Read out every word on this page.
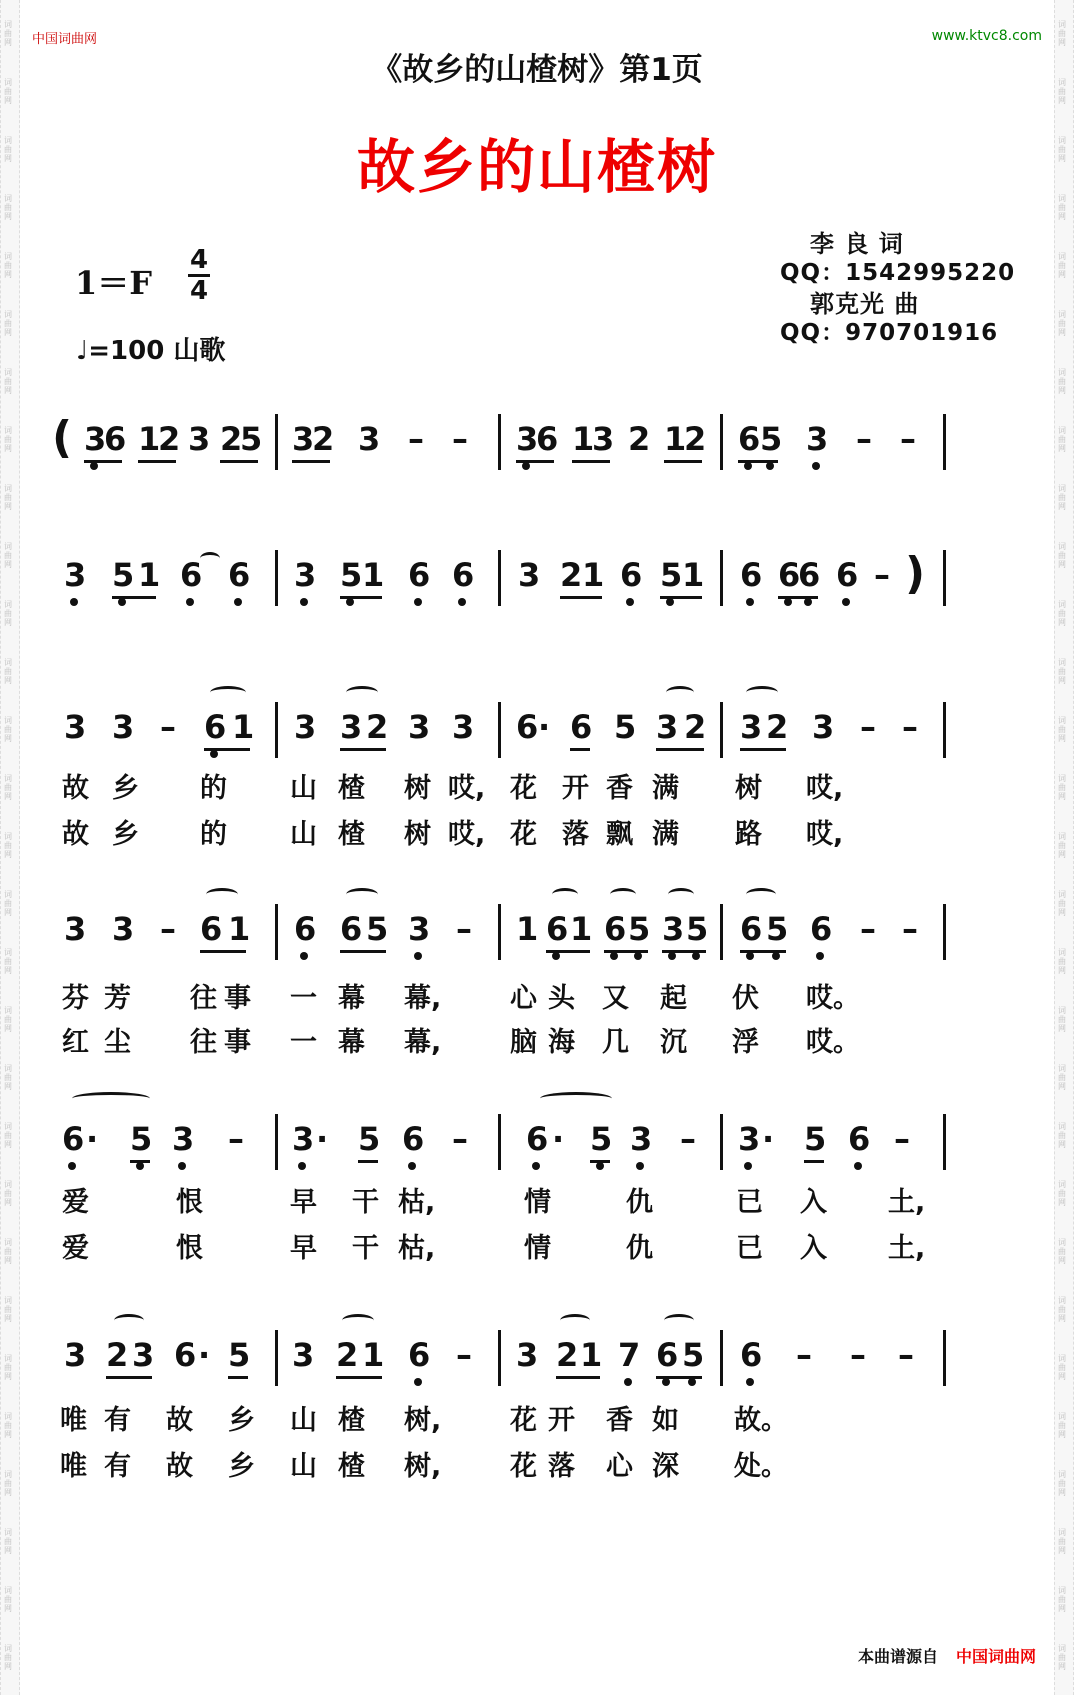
词曲网
词曲网
词曲网
词曲网
词曲网
词曲网
词曲网
词曲网
词曲网
词曲网
词曲网
词曲网
词曲网
词曲网
词曲网
词曲网
词曲网
词曲网
词曲网
词曲网
词曲网
词曲网
词曲网
词曲网
词曲网
词曲网
词曲网
词曲网
词曲网
词曲网
词曲网
词曲网
词曲网
词曲网
词曲网
词曲网
词曲网
词曲网
词曲网
词曲网
词曲网
词曲网
词曲网
词曲网
词曲网
词曲网
词曲网
词曲网
词曲网
词曲网
词曲网
词曲网
词曲网
词曲网
词曲网
词曲网
词曲网
词曲网
中国词曲网	www.ktvc8.com
《故乡的山楂树》第1页
故乡的山楂树
1＝F
4
4
♩=100 山歌
李 良 词
QQ：1542995220
郭克光 曲
QQ：970701916
( 3
6 1
2 3 2
5 3
2 3 – – 3
6 1
3 2 1
2 6 5 3 – –
3 5 1 6 6 3 5 1 6 6 3 2 1 6 5 1 6 6
6 6 – )
3 3 – 6 1 3 3 2 3 3 6 · 6 5 3 2 3 2 3 – –
故 乡 的 山 楂 树 哎, 花 开 香 满 树 哎,
故 乡 的 山 楂 树 哎, 花 落 飘 满 路 哎,
3 3 – 6 1 6 6 5 3 – 1 6 1 6 5 3 5 6 5 6 – –
芬 芳 往 事 一 幕 幕,	心 头 又 起 伏 哎。
红 尘 往 事 一 幕 幕,	脑 海 几 沉 浮 哎。
6 · 5 3 – 3 · 5 6 – 6 · 5 3 – 3 · 5 6 –
爱	恨	早 干 枯,	情	仇	已 入 土,
爱	恨	早 干 枯,	情	仇	已 入 土,
3 2 3 6 · 5 3 2 1 6 – 3 2 1 7 6 5 6 – – –
唯 有 故 乡 山 楂 树,	花 开 香 如 故。
唯 有 故 乡 山 楂 树,	花 落 心 深 处。
本曲谱源自 中国词曲网
